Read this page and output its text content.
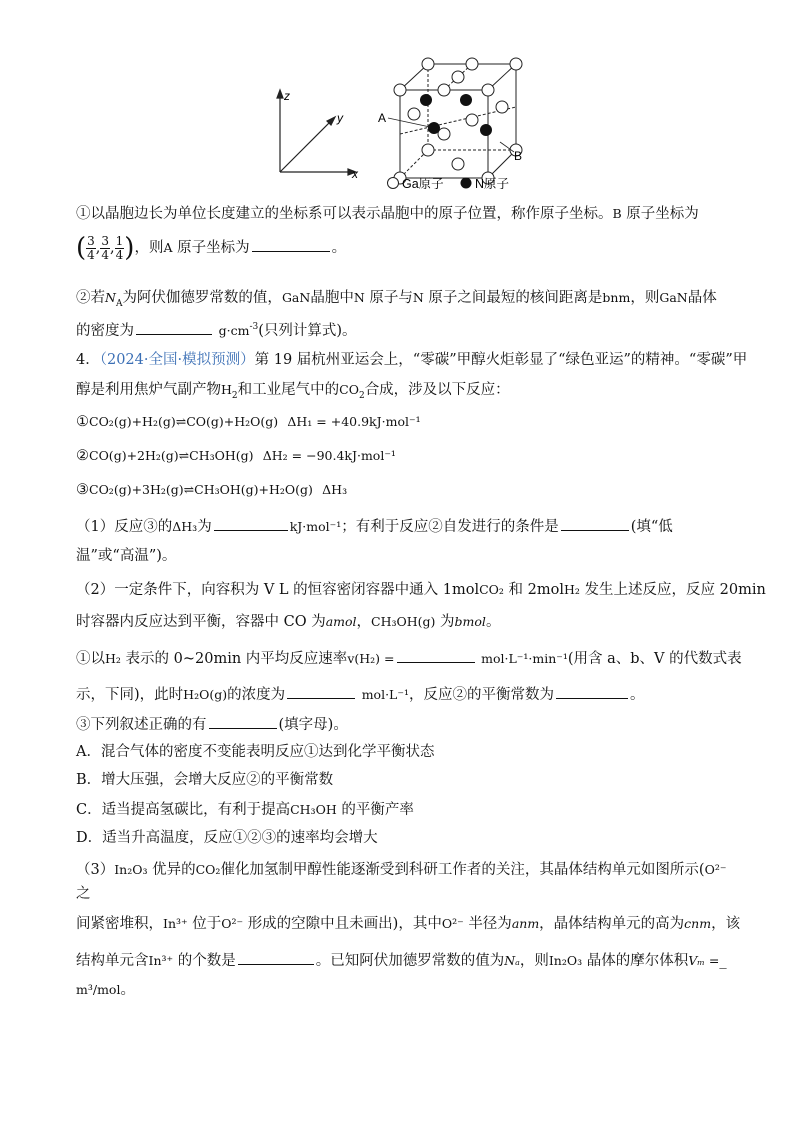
z
y
x
A
B
Ga原子	N原子
①以晶胞边长为单位长度建立的坐标系可以表示晶胞中的原子位置，称作原子坐标。B 原子坐标为
( $\frac{3}{4}$ , $\frac{3}{4}$ , $\frac{1}{4}$ )，则A 原子坐标为	。
②若$N_A$为阿伏伽德罗常数的值，GaN晶胞中N 原子与N 原子之间最短的核间距离是bnm，则GaN晶体
的密度为	$g\cdot cm^{-3}$(只列计算式)。
4．（2024·全国·模拟预测）第 19 届杭州亚运会上，“零碳”甲醇火炬彰显了“绿色亚运”的精神。“零碳”甲
醇是利用焦炉气副产物$H_2$和工业尾气中的$CO_2$合成，涉及以下反应：
①CO₂(g)+H₂(g)⇌CO(g)+H₂O(g) ΔH₁ = +40.9kJ·mol⁻¹
②CO(g)+2H₂(g)⇌CH₃OH(g) ΔH₂ = −90.4kJ·mol⁻¹
③CO₂(g)+3H₂(g)⇌CH₃OH(g)+H₂O(g) ΔH₃
（1）反应③的ΔH₃为	kJ·mol⁻¹；有利于反应②自发进行的条件是	(填“低
温”或“高温”)。
（2）一定条件下，向容积为 V L 的恒容密闭容器中通入 1molCO₂ 和 2molH₂ 发生上述反应，反应 20min
时容器内反应达到平衡，容器中 CO 为amol，CH₃OH(g) 为bmol。
①以H₂ 表示的 0~20min 内平均反应速率v(H₂) =	mol·L⁻¹·min⁻¹(用含 a、b、V 的代数式表
示，下同)，此时H₂O(g)的浓度为	mol·L⁻¹，反应②的平衡常数为	。
③下列叙述正确的有	(填字母)。
A．混合气体的密度不变能表明反应①达到化学平衡状态
B．增大压强，会增大反应②的平衡常数
C．适当提高氢碳比，有利于提高CH₃OH 的平衡产率
D．适当升高温度，反应①②③的速率均会增大
（3）In₂O₃ 优异的CO₂催化加氢制甲醇性能逐渐受到科研工作者的关注，其晶体结构单元如图所示(O²⁻
之
间紧密堆积，In³⁺ 位于O²⁻ 形成的空隙中且未画出)，其中O²⁻ 半径为anm，晶体结构单元的高为cnm，该
结构单元含In³⁺ 的个数是	。已知阿伏加德罗常数的值为Nₐ，则In₂O₃ 晶体的摩尔体积Vₘ =_
m³/mol。
